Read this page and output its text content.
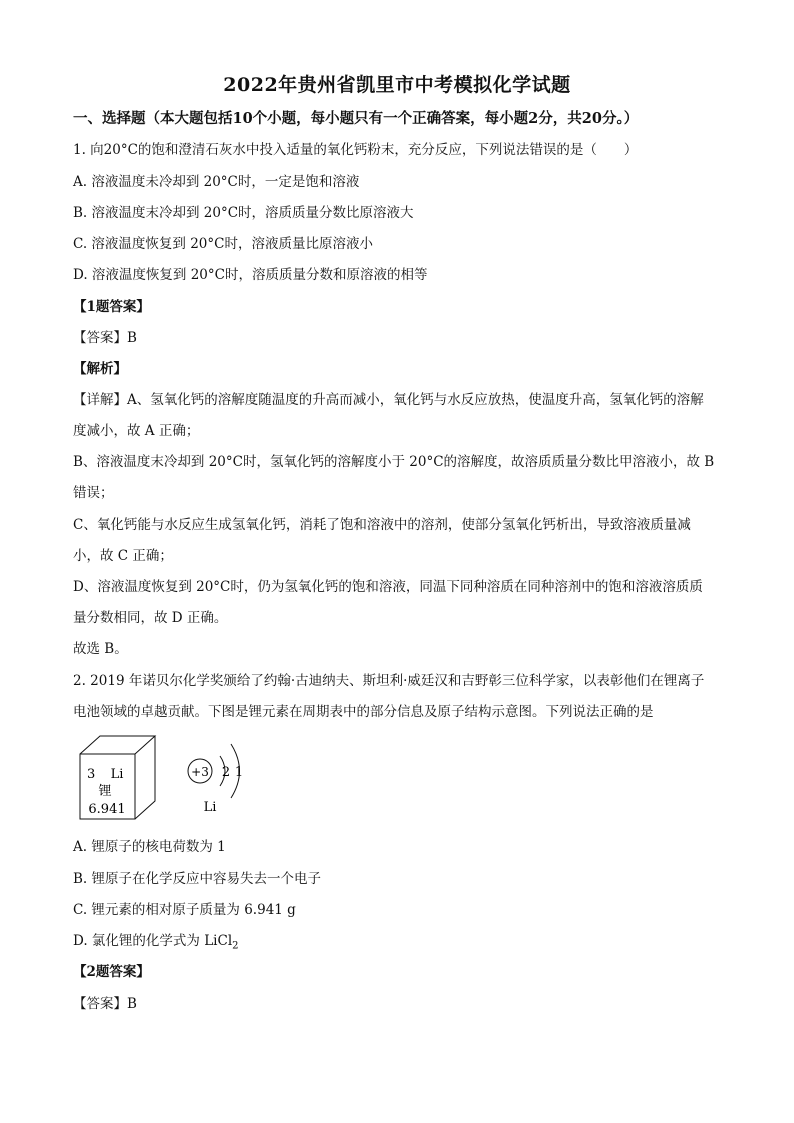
2022年贵州省凯里市中考模拟化学试题
一、选择题（本大题包括10个小题，每小题只有一个正确答案，每小题2分，共20分。）
1. 向20°C的饱和澄清石灰水中投入适量的氧化钙粉末，充分反应，下列说法错误的是（　　）
A. 溶液温度未冷却到 20°C时，一定是饱和溶液
B. 溶液温度末冷却到 20°C时，溶质质量分数比原溶液大
C. 溶液温度恢复到 20°C时，溶液质量比原溶液小
D. 溶液温度恢复到 20°C时，溶质质量分数和原溶液的相等
【1题答案】
【答案】B
【解析】
【详解】A、氢氧化钙的溶解度随温度的升高而减小，氧化钙与水反应放热，使温度升高，氢氧化钙的溶解
度减小，故 A 正确；
B、溶液温度末冷却到 20°C时，氢氧化钙的溶解度小于 20°C的溶解度，故溶质质量分数比甲溶液小，故 B
错误；
C、氧化钙能与水反应生成氢氧化钙，消耗了饱和溶液中的溶剂，使部分氢氧化钙析出，导致溶液质量减
小，故 C 正确；
D、溶液温度恢复到 20°C时，仍为氢氧化钙的饱和溶液，同温下同种溶质在同种溶剂中的饱和溶液溶质质
量分数相同，故 D 正确。
故选 B。
2. 2019 年诺贝尔化学奖颁给了约翰·古迪纳夫、斯坦利·威廷汉和吉野彰三位科学家，以表彰他们在锂离子
电池领域的卓越贡献。下图是锂元素在周期表中的部分信息及原子结构示意图。下列说法正确的是
3 Li
锂
6.941
+3 2 1
Li
A. 锂原子的核电荷数为 1
B. 锂原子在化学反应中容易失去一个电子
C. 锂元素的相对原子质量为 6.941 g
D. 氯化锂的化学式为 LiCl$_2$
【2题答案】
【答案】B
